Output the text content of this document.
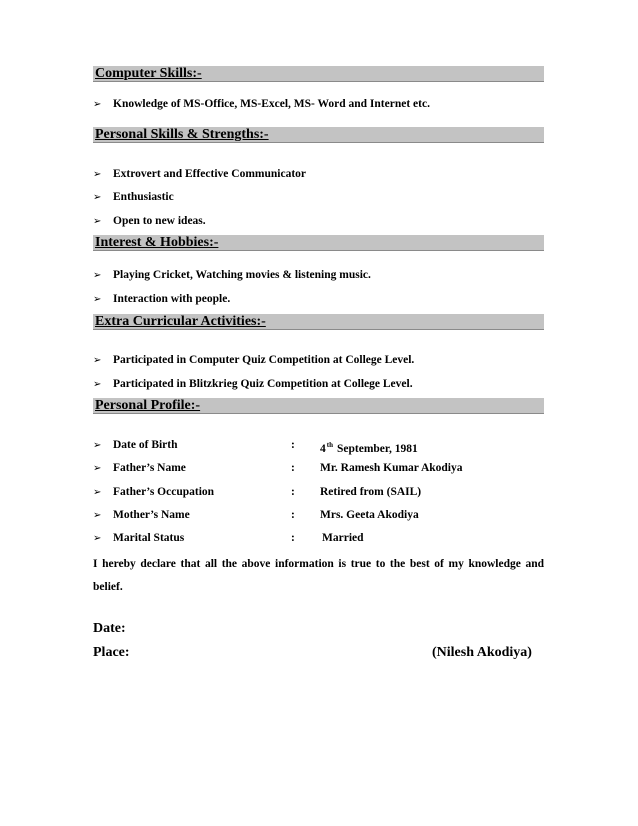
Computer Skills:-
➢ Knowledge of MS-Office, MS-Excel, MS- Word and Internet etc.
Personal Skills & Strengths:-
➢ Extrovert and Effective Communicator
➢ Enthusiastic
➢ Open to new ideas.
Interest & Hobbies:-
➢ Playing Cricket, Watching movies & listening music.
➢ Interaction with people.
Extra Curricular Activities:-
➢ Participated in Computer Quiz Competition at College Level.
➢ Participated in Blitzkrieg Quiz Competition at College Level.
Personal Profile:-
➢ Date of Birth	: 4th September, 1981
➢ Father’s Name	: Mr. Ramesh Kumar Akodiya
➢ Father’s Occupation	: Retired from (SAIL)
➢ Mother’s Name	: Mrs. Geeta Akodiya
➢ Marital Status	: Married
I hereby declare that all the above information is true to the best of my knowledge and belief.
Date:
Place:	(Nilesh Akodiya)
